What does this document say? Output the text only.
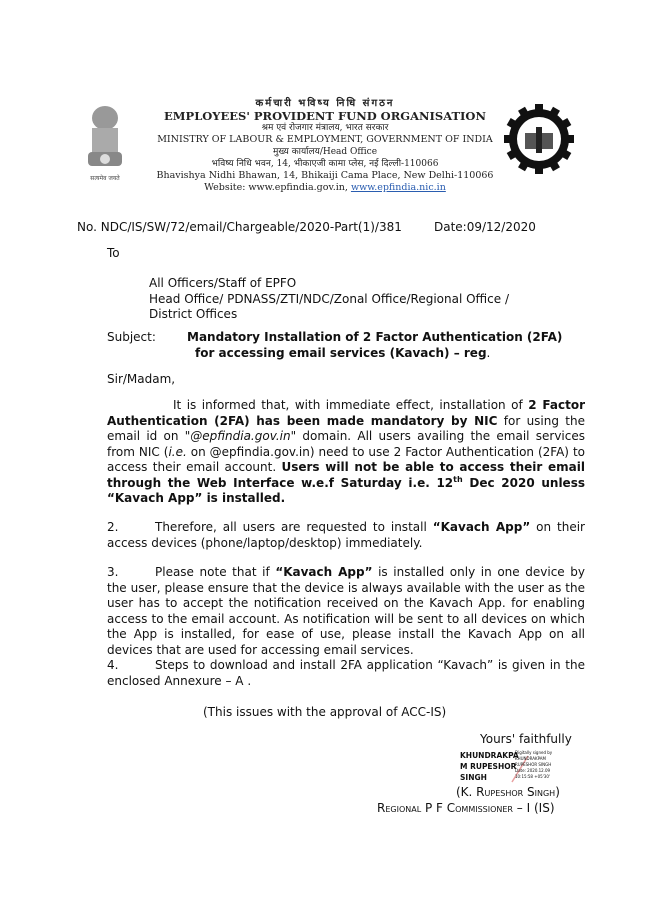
सत्यमेव जयते
कर्मचारी भविष्य निधि संगठन
EMPLOYEES' PROVIDENT FUND ORGANISATION
श्रम एवं रोजगार मंत्रालय, भारत सरकार
MINISTRY OF LABOUR & EMPLOYMENT, GOVERNMENT OF INDIA
मुख्य कार्यालय/Head Office
भविष्य निधि भवन, 14, भीकाएजी कामा प्लेस, नई दिल्ली-110066
Bhavishya Nidhi Bhawan, 14, Bhikaiji Cama Place, New Delhi-110066
Website: www.epfindia.gov.in, www.epfindia.nic.in
No. NDC/IS/SW/72/email/Chargeable/2020-Part(1)/381	Date:09/12/2020
To
All Officers/Staff of EPFO
Head Office/ PDNASS/ZTI/NDC/Zonal Office/Regional Office /
District Offices
Subject:	Mandatory Installation of 2 Factor Authentication (2FA)
for accessing email services (Kavach) – reg.
Sir/Madam,
It is informed that, with immediate effect, installation of 2 Factor Authentication (2FA) has been made mandatory by NIC for using the email id on "@epfindia.gov.in" domain. All users availing the email services from NIC (i.e. on @epfindia.gov.in) need to use 2 Factor Authentication (2FA) to access their email account. Users will not be able to access their email through the Web Interface w.e.f Saturday i.e. 12th Dec 2020 unless “Kavach App” is installed.
2.	Therefore, all users are requested to install “Kavach App” on their access devices (phone/laptop/desktop) immediately.
3.	Please note that if “Kavach App” is installed only in one device by the user, please ensure that the device is always available with the user as the user has to accept the notification received on the Kavach App. for enabling access to the email account. As notification will be sent to all devices on which the App is installed, for ease of use, please install the Kavach App on all devices that are used for accessing email services.
4.	Steps to download and install 2FA application “Kavach” is given in the enclosed Annexure – A .
(This issues with the approval of ACC-IS)
Yours' faithfully
KHUNDRAKPA
M RUPESHOR
SINGH
Digitally signed by
KHUNDRAKPAM
RUPESHOR SINGH
Date: 2020.12.09
10:15:58 +05'30'
(K. Rupeshor Singh)
Regional P F Commissioner – I (IS)
